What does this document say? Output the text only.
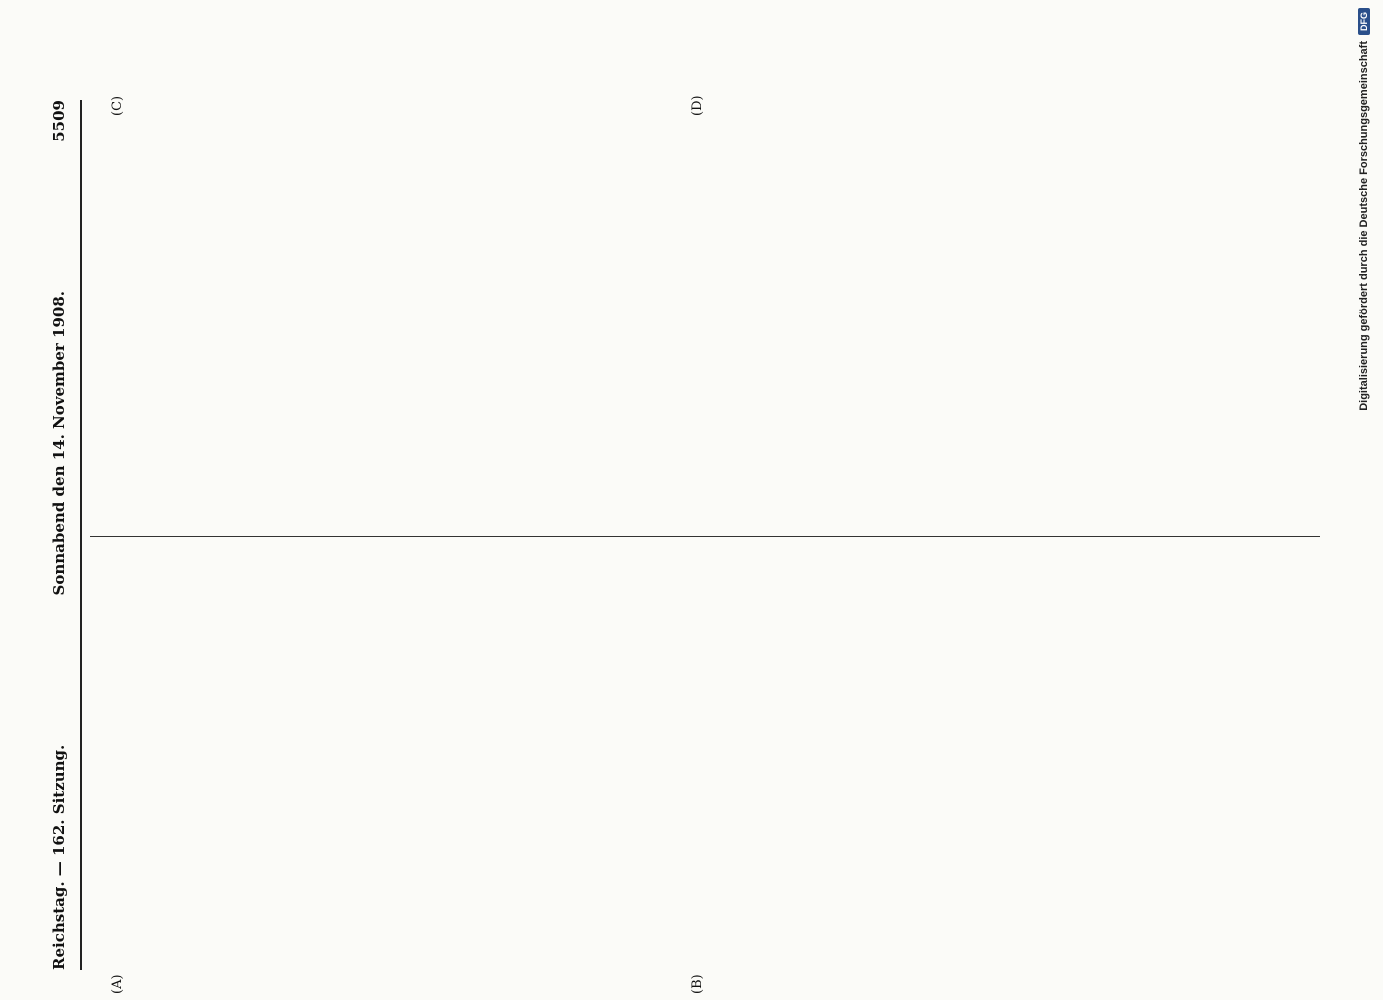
Reichstag. — 162. Sitzung.
Sonnabend den 14. November 1908.
5509
(A)	(B)
(C)	(D)	Digitalisierung gefördert durch die Deutsche Forschungsgemeinschaft
DFG
